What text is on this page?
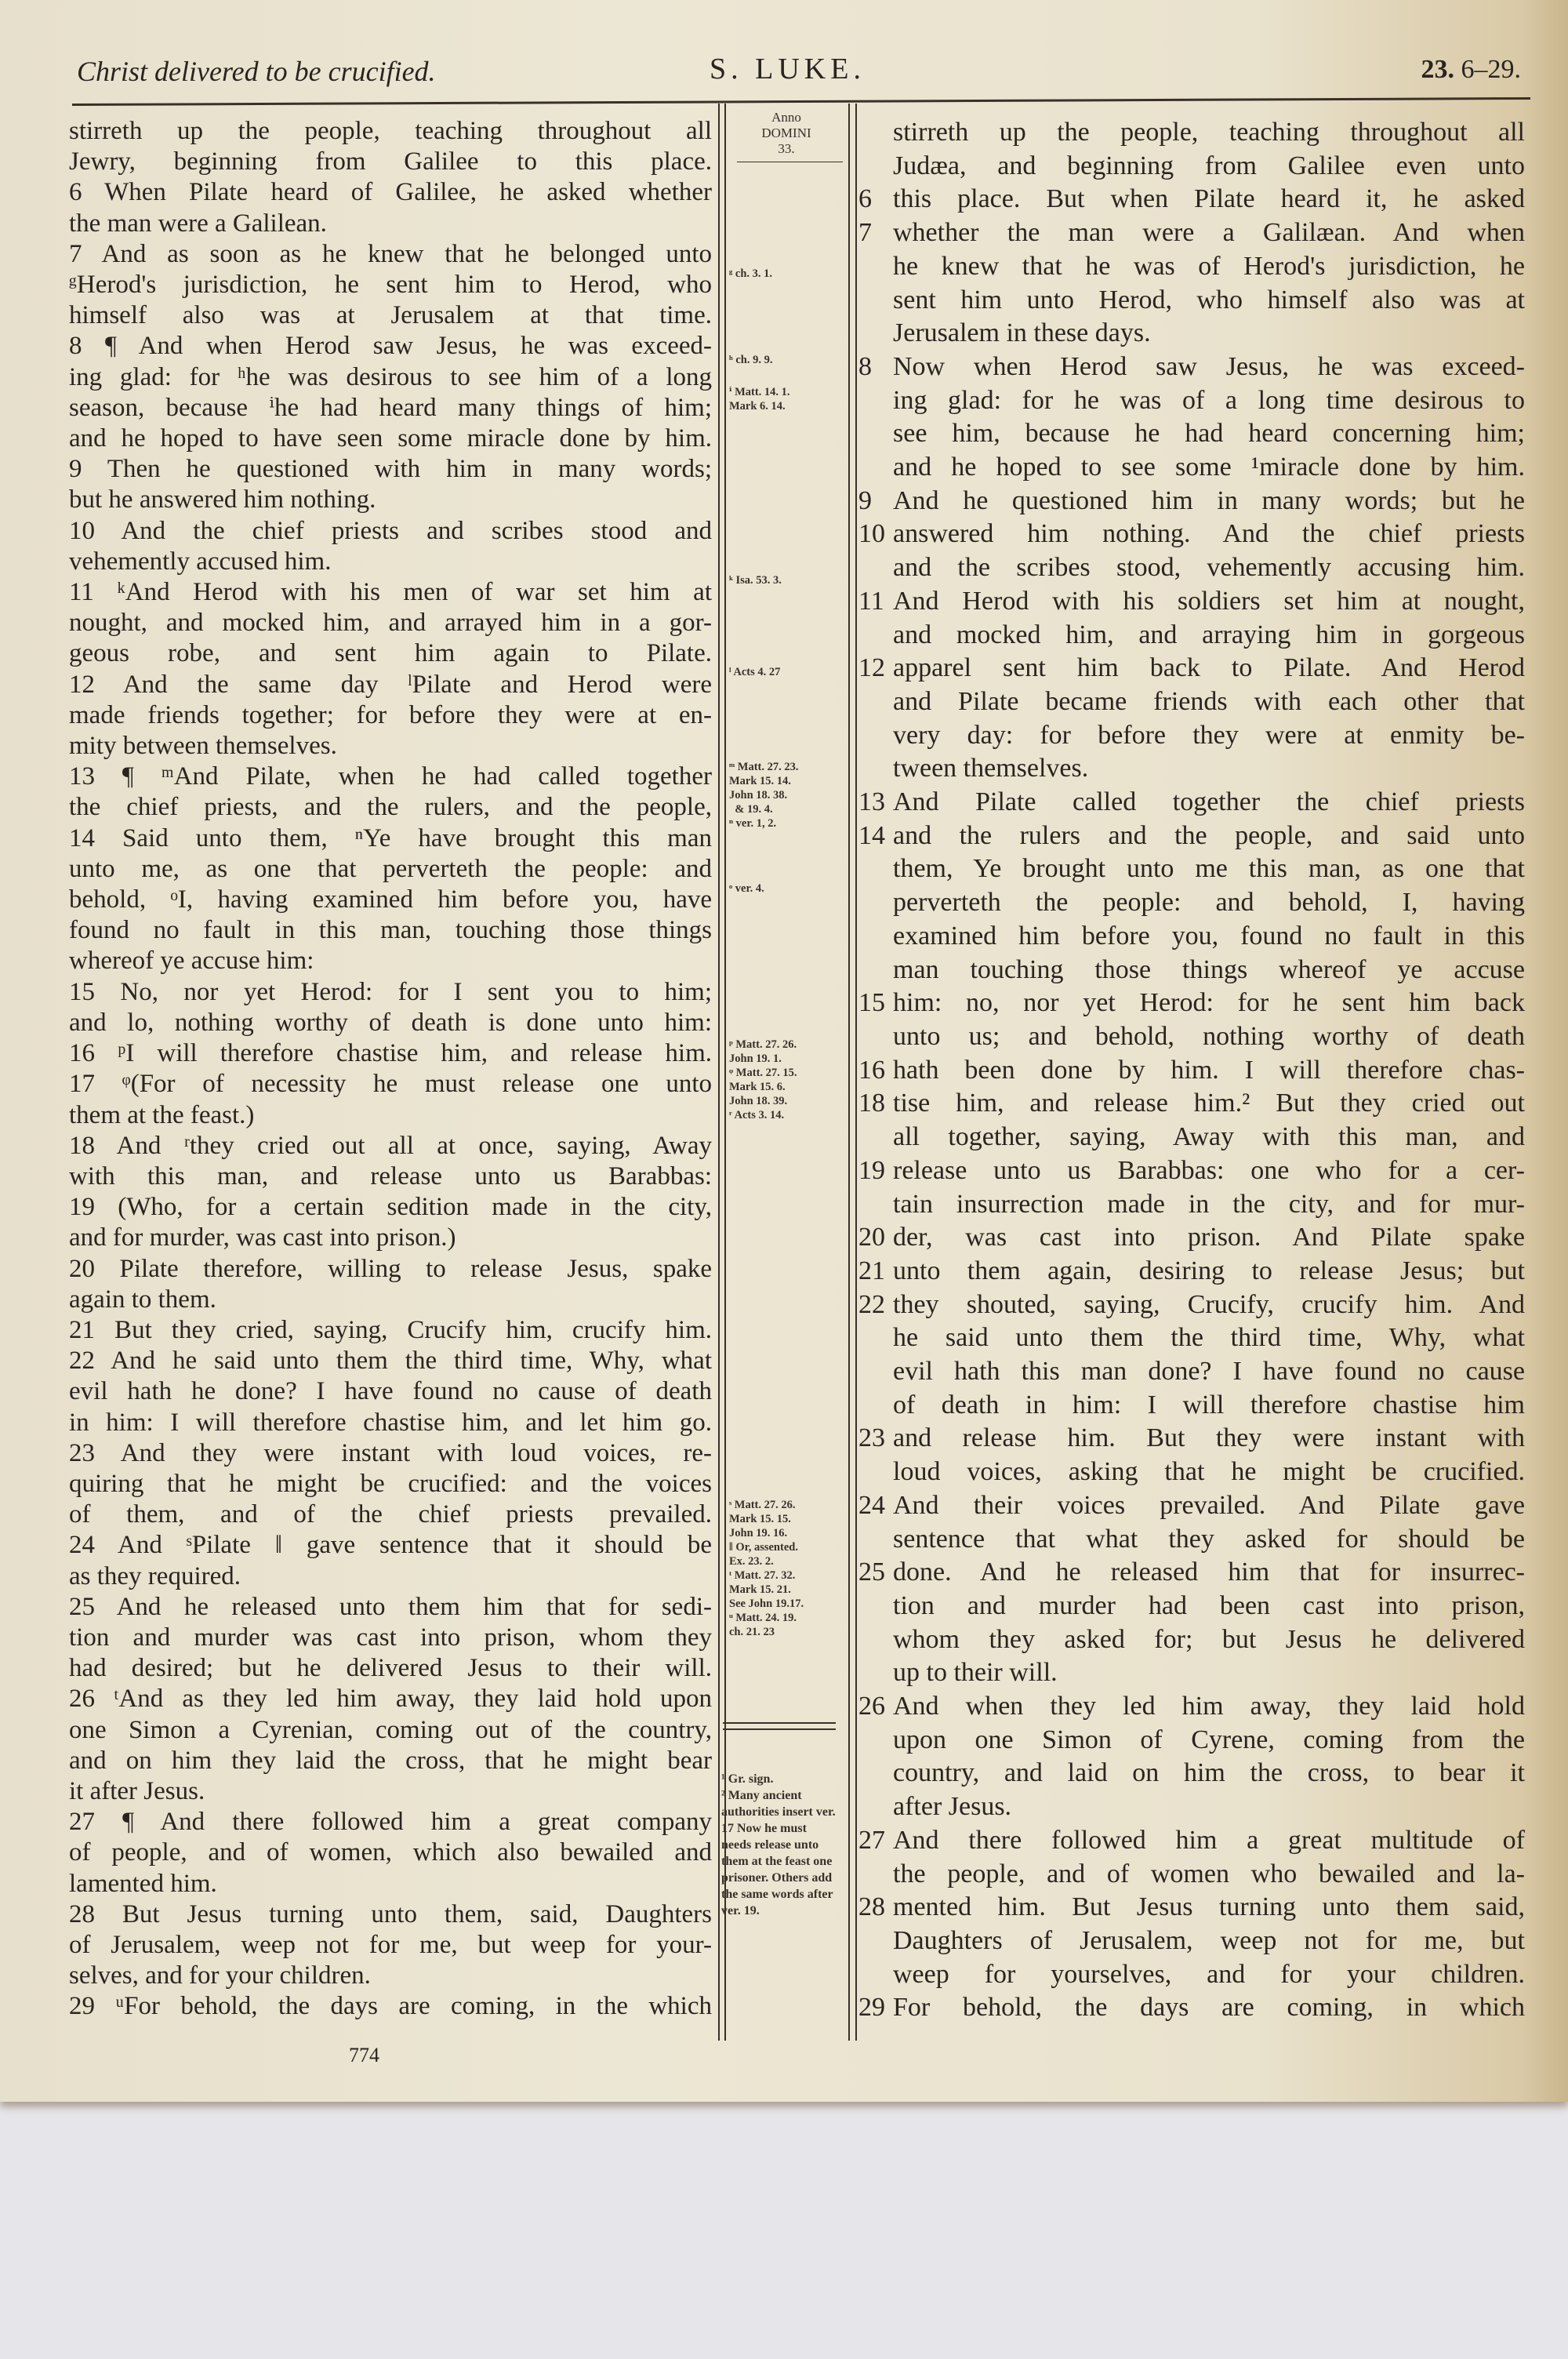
Christ delivered to be crucified.	S. LUKE.	23. 6–29.
stirreth up the people, teaching throughout all
Jewry, beginning from Galilee to this place.
6 When Pilate heard of Galilee, he asked whether
the man were a Galilean.
7 And as soon as he knew that he belonged unto
ᵍHerod's jurisdiction, he sent him to Herod, who
himself also was at Jerusalem at that time.
8 ¶ And when Herod saw Jesus, he was exceed-
ing glad: for ʰhe was desirous to see him of a long
season, because ⁱhe had heard many things of him;
and he hoped to have seen some miracle done by him.
9 Then he questioned with him in many words;
but he answered him nothing.
10 And the chief priests and scribes stood and
vehemently accused him.
11 ᵏAnd Herod with his men of war set him at
nought, and mocked him, and arrayed him in a gor-
geous robe, and sent him again to Pilate.
12 And the same day ˡPilate and Herod were
made friends together; for before they were at en-
mity between themselves.
13 ¶ ᵐAnd Pilate, when he had called together
the chief priests, and the rulers, and the people,
14 Said unto them, ⁿYe have brought this man
unto me, as one that perverteth the people: and
behold, ᵒI, having examined him before you, have
found no fault in this man, touching those things
whereof ye accuse him:
15 No, nor yet Herod: for I sent you to him;
and lo, nothing worthy of death is done unto him:
16 ᵖI will therefore chastise him, and release him.
17 ᵠ(For of necessity he must release one unto
them at the feast.)
18 And ʳthey cried out all at once, saying, Away
with this man, and release unto us Barabbas:
19 (Who, for a certain sedition made in the city,
and for murder, was cast into prison.)
20 Pilate therefore, willing to release Jesus, spake
again to them.
21 But they cried, saying, Crucify him, crucify him.
22 And he said unto them the third time, Why, what
evil hath he done? I have found no cause of death
in him: I will therefore chastise him, and let him go.
23 And they were instant with loud voices, re-
quiring that he might be crucified: and the voices
of them, and of the chief priests prevailed.
24 And ˢPilate ‖ gave sentence that it should be
as they required.
25 And he released unto them him that for sedi-
tion and murder was cast into prison, whom they
had desired; but he delivered Jesus to their will.
26 ᵗAnd as they led him away, they laid hold upon
one Simon a Cyrenian, coming out of the country,
and on him they laid the cross, that he might bear
it after Jesus.
27 ¶ And there followed him a great company
of people, and of women, which also bewailed and
lamented him.
28 But Jesus turning unto them, said, Daughters
of Jerusalem, weep not for me, but weep for your-
selves, and for your children.
29 ᵘFor behold, the days are coming, in the which
Anno
DOMINI
33.
ᵍ ch. 3. 1.
ʰ ch. 9. 9.
ⁱ Matt. 14. 1.
Mark 6. 14.
ᵏ Isa. 53. 3.
ˡ Acts 4. 27
ᵐ Matt. 27. 23.
Mark 15. 14.
John 18. 38.
& 19. 4.
ⁿ ver. 1, 2.
ᵒ ver. 4.
ᵖ Matt. 27. 26.
John 19. 1.
ᵠ Matt. 27. 15.
Mark 15. 6.
John 18. 39.
ʳ Acts 3. 14.
ˢ Matt. 27. 26.
Mark 15. 15.
John 19. 16.
‖ Or, assented.
Ex. 23. 2.
ᵗ Matt. 27. 32.
Mark 15. 21.
See John 19.17.
ᵘ Matt. 24. 19.
ch. 21. 23
¹ Gr. sign.
² Many ancient authorities insert ver. 17 Now he must needs release unto them at the feast one prisoner. Others add the same words after ver. 19.
stirreth up the people, teaching throughout all
Judæa, and beginning from Galilee even unto
6 this place. But when Pilate heard it, he asked
7 whether the man were a Galilæan. And when
he knew that he was of Herod's jurisdiction, he
sent him unto Herod, who himself also was at
Jerusalem in these days.
8 Now when Herod saw Jesus, he was exceed-
ing glad: for he was of a long time desirous to
see him, because he had heard concerning him;
and he hoped to see some ¹miracle done by him.
9 And he questioned him in many words; but he
10 answered him nothing. And the chief priests
and the scribes stood, vehemently accusing him.
11 And Herod with his soldiers set him at nought,
and mocked him, and arraying him in gorgeous
12 apparel sent him back to Pilate. And Herod
and Pilate became friends with each other that
very day: for before they were at enmity be-
tween themselves.
13 And Pilate called together the chief priests
14 and the rulers and the people, and said unto
them, Ye brought unto me this man, as one that
perverteth the people: and behold, I, having
examined him before you, found no fault in this
man touching those things whereof ye accuse
15 him: no, nor yet Herod: for he sent him back
unto us; and behold, nothing worthy of death
16 hath been done by him. I will therefore chas-
18 tise him, and release him.² But they cried out
all together, saying, Away with this man, and
19 release unto us Barabbas: one who for a cer-
tain insurrection made in the city, and for mur-
20 der, was cast into prison. And Pilate spake
21 unto them again, desiring to release Jesus; but
22 they shouted, saying, Crucify, crucify him. And
he said unto them the third time, Why, what
evil hath this man done? I have found no cause
of death in him: I will therefore chastise him
23 and release him. But they were instant with
loud voices, asking that he might be crucified.
24 And their voices prevailed. And Pilate gave
sentence that what they asked for should be
25 done. And he released him that for insurrec-
tion and murder had been cast into prison,
whom they asked for; but Jesus he delivered
up to their will.
26 And when they led him away, they laid hold
upon one Simon of Cyrene, coming from the
country, and laid on him the cross, to bear it
after Jesus.
27 And there followed him a great multitude of
the people, and of women who bewailed and la-
28 mented him. But Jesus turning unto them said,
Daughters of Jerusalem, weep not for me, but
weep for yourselves, and for your children.
29 For behold, the days are coming, in which
774
